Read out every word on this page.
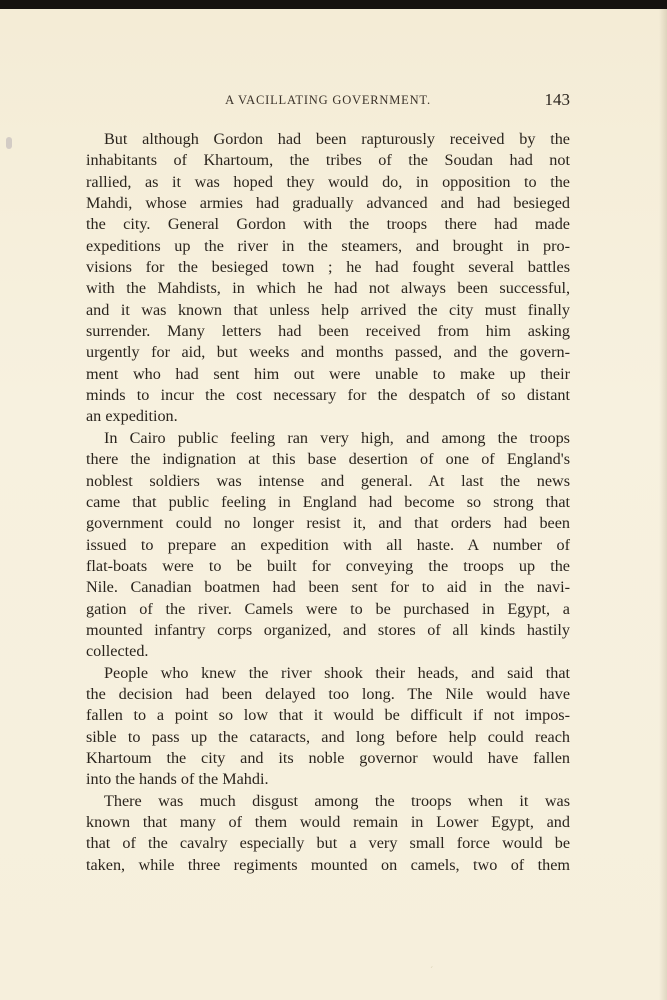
A VACILLATING GOVERNMENT.	143
But although Gordon had been rapturously received by the
inhabitants of Khartoum, the tribes of the Soudan had not
rallied, as it was hoped they would do, in opposition to the
Mahdi, whose armies had gradually advanced and had besieged
the city. General Gordon with the troops there had made
expeditions up the river in the steamers, and brought in pro-
visions for the besieged town ; he had fought several battles
with the Mahdists, in which he had not always been successful,
and it was known that unless help arrived the city must finally
surrender. Many letters had been received from him asking
urgently for aid, but weeks and months passed, and the govern-
ment who had sent him out were unable to make up their
minds to incur the cost necessary for the despatch of so distant
an expedition.
In Cairo public feeling ran very high, and among the troops
there the indignation at this base desertion of one of England's
noblest soldiers was intense and general. At last the news
came that public feeling in England had become so strong that
government could no longer resist it, and that orders had been
issued to prepare an expedition with all haste. A number of
flat-boats were to be built for conveying the troops up the
Nile. Canadian boatmen had been sent for to aid in the navi-
gation of the river. Camels were to be purchased in Egypt, a
mounted infantry corps organized, and stores of all kinds hastily
collected.
People who knew the river shook their heads, and said that
the decision had been delayed too long. The Nile would have
fallen to a point so low that it would be difficult if not impos-
sible to pass up the cataracts, and long before help could reach
Khartoum the city and its noble governor would have fallen
into the hands of the Mahdi.
There was much disgust among the troops when it was
known that many of them would remain in Lower Egypt, and
that of the cavalry especially but a very small force would be
taken, while three regiments mounted on camels, two of them
ˊ
